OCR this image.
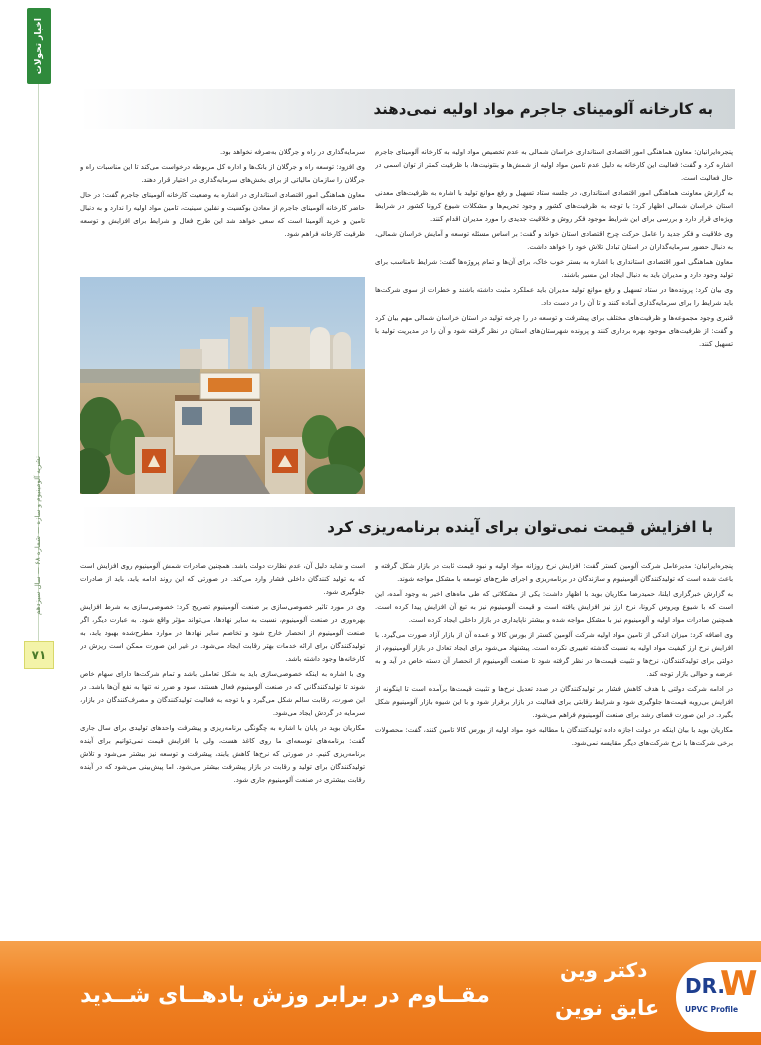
اخبار تحولات
نشریه آلومینیوم و سازه — شماره ۶۸ — سال سیزدهم
۷۱
به کارخانه آلومینای جاجرم مواد اولیه نمی‌دهند

پنجره‌ایرانیان: معاون هماهنگی امور اقتصادی استانداری خراسان شمالی به عدم تخصیص مواد اولیه به کارخانه آلومینای جاجرم اشاره کرد و گفت: فعالیت این کارخانه به دلیل عدم تامین مواد اولیه از شمش‌ها و بنتونیت‌ها، با ظرفیت کمتر از توان اسمی در حال فعالیت است.

به گزارش معاونت هماهنگی امور اقتصادی استانداری، در جلسه ستاد تسهیل و رفع موانع تولید با اشاره به ظرفیت‌های معدنی استان خراسان شمالی اظهار کرد: با توجه به ظرفیت‌های کشور و وجود تحریم‌ها و مشکلات شیوع کرونا کشور در شرایط ویژه‌ای قرار دارد و بررسی برای این شرایط موجود فکر روش و خلاقیت جدیدی را مورد مدیران اقدام کنند.

وی خلاقیت و فکر جدید را عامل حرکت چرخ اقتصادی استان خواند و گفت: بر اساس مسئله توسعه و آمایش خراسان شمالی، به دنبال حضور سرمایه‌گذاران در استان تبادل تلاش خود را خواهد داشت.

معاون هماهنگی امور اقتصادی استانداری با اشاره به بستر خوب خاک، برای آن‌ها و تمام پروژه‌ها گفت: شرایط نامناسب برای تولید وجود دارد و مدیران باید به دنبال ایجاد این مسیر باشند.

وی بیان کرد: پرونده‌ها در ستاد تسهیل و رفع موانع تولید مدیران باید عملکرد مثبت داشته باشند و خطرات از سوی شرکت‌ها باید شرایط را برای سرمایه‌گذاری آماده کنند و تا آن را در دست داد.

قنبری وجود مجموعه‌ها و ظرفیت‌های مختلف برای پیشرفت و توسعه در را چرخه تولید در استان خراسان شمالی مهم بیان کرد و گفت: از ظرفیت‌های موجود بهره برداری کنند و پرونده شهرستان‌های استان در نظر گرفته شود و آن را در مدیریت تولید با تسهیل کنند.

سرمایه‌گذاری در راه و جرگلان به‌صرفه نخواهد بود.

وی افزود: توسعه راه و جرگلان از بانک‌ها و اداره کل مربوطه درخواست می‌کند تا این مناسبات راه و جرگلان را سازمان مالیاتی از برای بخش‌های سرمایه‌گذاری در اختیار قرار دهند.

معاون هماهنگی امور اقتصادی استانداری در اشاره به وضعیت کارخانه آلومینای جاجرم گفت: در حال حاضر کارخانه آلومینای جاجرم از معادن بوکسیت و نفلین سینیت، تامین مواد اولیه را ندارد و به دنبال تامین و خرید آلومینا است که سعی خواهد شد این طرح فعال و شرایط برای افزایش و توسعه ظرفیت کارخانه فراهم شود.

با افزایش قیمت نمی‌توان برای آینده برنامه‌ریزی کرد

پنجره‌ایرانیان: مدیرعامل شرکت آلومین کستر گفت: افزایش نرخ روزانه مواد اولیه و نبود قیمت ثابت در بازار شکل گرفته و باعث شده است که تولیدکنندگان آلومینیوم و سازندگان در برنامه‌ریزی و اجرای طرح‌های توسعه با مشکل مواجه شوند.

به گزارش خبرگزاری ایلنا، حمیدرضا مکاریان بوید با اظهار داشت: یکی از مشکلاتی که طی ماه‌های اخیر به وجود آمده، این است که با شیوع ویروس کرونا، نرخ ارز نیز افزایش یافته است و قیمت آلومینیوم نیز به تبع آن افزایش پیدا کرده است. همچنین صادرات مواد اولیه و آلومینیوم نیز با مشکل مواجه شده و بیشتر ناپایداری در بازار داخلی ایجاد کرده است.

وی اضافه کرد: میزان اندکی از تامین مواد اولیه شرکت آلومین کستر از بورس کالا و عمده آن از بازار آزاد صورت می‌گیرد. با افزایش نرخ ارز کیفیت مواد اولیه به نسبت گذشته تغییری نکرده است. پیشنهاد می‌شود برای ایجاد تعادل در بازار آلومینیوم، از دولتی برای تولیدکنندگان، نرخ‌ها و تثبیت قیمت‌ها در نظر گرفته شود تا صنعت آلومینیوم از انحصار آن دسته خاص در آید و به عرضه و حوالی بازار توجه کند.

در ادامه شرکت دولتی با هدف کاهش فشار بر تولیدکنندگان در صدد تعدیل نرخ‌ها و تثبیت قیمت‌ها برآمده است تا اینگونه از افزایش بی‌رویه قیمت‌ها جلوگیری شود و شرایط رقابتی برای فعالیت در بازار برقرار شود و با این شیوه بازار آلومینیوم شکل بگیرد. در این صورت فضای رشد برای صنعت آلومینیوم فراهم می‌شود.

مکاریان بوید با بیان اینکه در دولت اجازه داده تولیدکنندگان با مطالبه خود مواد اولیه از بورس کالا تامین کنند، گفت: محصولات برخی شرکت‌ها با نرخ شرکت‌های دیگر مقایسه نمی‌شود.

است و شاید دلیل آن، عدم نظارت دولت باشد. همچنین صادرات شمش آلومینیوم روی افزایش است که به تولید کنندگان داخلی فشار وارد می‌کند. در صورتی که این روند ادامه یابد، باید از صادرات جلوگیری شود.

وی در مورد تاثیر خصوصی‌سازی بر صنعت آلومینیوم تصریح کرد: خصوصی‌سازی به شرط افزایش بهره‌وری در صنعت آلومینیوم، نسبت به سایر نهادها، می‌تواند مؤثر واقع شود. به عبارت دیگر، اگر صنعت آلومینیوم از انحصار خارج شود و تخاصم سایر نهادها در موارد مطرح‌شده بهبود یابد، به تولیدکنندگان برای ارائه خدمات بهتر رقابت ایجاد می‌شود. در غیر این صورت ممکن است ریزش در کارخانه‌ها وجود داشته باشد.

وی با اشاره به اینکه خصوصی‌سازی باید به شکل تعاملی باشد و تمام شرکت‌ها دارای سهام خاص شوند تا تولیدکنندگانی که در صنعت آلومینیوم فعال هستند، سود و ضرر نه تنها به نفع آن‌ها باشد. در این صورت، رقابت سالم شکل می‌گیرد و با توجه به فعالیت تولیدکنندگان و مصرف‌کنندگان در بازار، سرمایه در گردش ایجاد می‌شود.

مکاریان بوید در پایان با اشاره به چگونگی برنامه‌ریزی و پیشرفت واحدهای تولیدی برای سال جاری گفت: برنامه‌های توسعه‌ای ما روی کاغذ هست، ولی با افزایش قیمت نمی‌توانیم برای آینده برنامه‌ریزی کنیم. در صورتی که نرخ‌ها کاهش یابند، پیشرفت و توسعه نیز بیشتر می‌شود و تلاش تولیدکنندگان برای تولید و رقابت در بازار پیشرفت بیشتر می‌شود. اما پیش‌بینی می‌شود که در آینده رقابت بیشتری در صنعت آلومینیوم جاری شود.

مقــاوم در برابر وزش بادهــای شــدید
دکتر وین
عایق نوین
DR.
W
UPVC Profile
